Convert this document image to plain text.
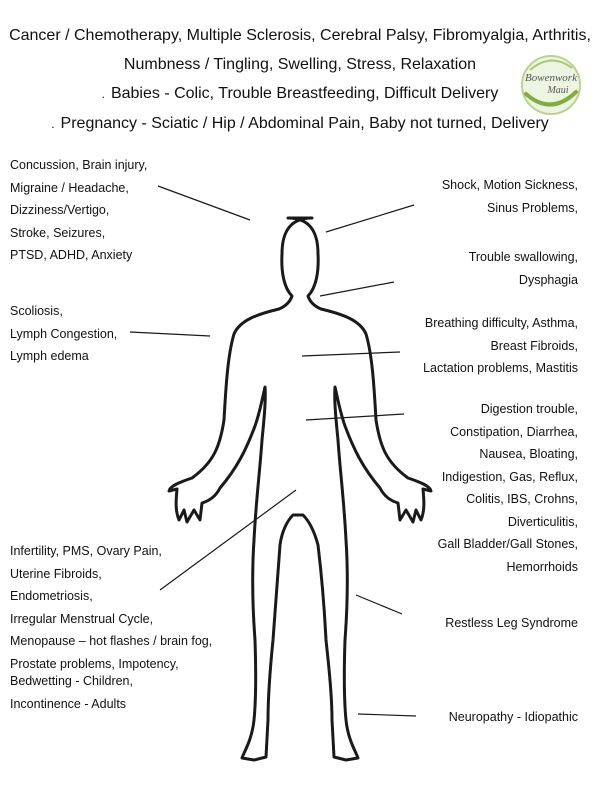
Cancer / Chemotherapy, Multiple Sclerosis, Cerebral Palsy, Fibromyalgia, Arthritis,
Numbness / Tingling, Swelling, Stress, Relaxation
. Babies - Colic, Trouble Breastfeeding, Difficult Delivery
. Pregnancy - Sciatic / Hip / Abdominal Pain, Baby not turned, Delivery
Bowenwork
Maui
Concussion, Brain injury,
Migraine / Headache,
Dizziness/Vertigo,
Stroke, Seizures,
PTSD, ADHD, Anxiety
Scoliosis,
Lymph Congestion,
Lymph edema
Infertility, PMS, Ovary Pain,
Uterine Fibroids,
Endometriosis,
Irregular Menstrual Cycle,
Menopause – hot flashes / brain fog,
Prostate problems, Impotency,
Bedwetting - Children,
Incontinence - Adults
Shock, Motion Sickness,
Sinus Problems,
Trouble swallowing,
Dysphagia
Breathing difficulty, Asthma,
Breast Fibroids,
Lactation problems, Mastitis
Digestion trouble,
Constipation, Diarrhea,
Nausea, Bloating,
Indigestion, Gas, Reflux,
Colitis, IBS, Crohns,
Diverticulitis,
Gall Bladder/Gall Stones,
Hemorrhoids
Restless Leg Syndrome
Neuropathy - Idiopathic
